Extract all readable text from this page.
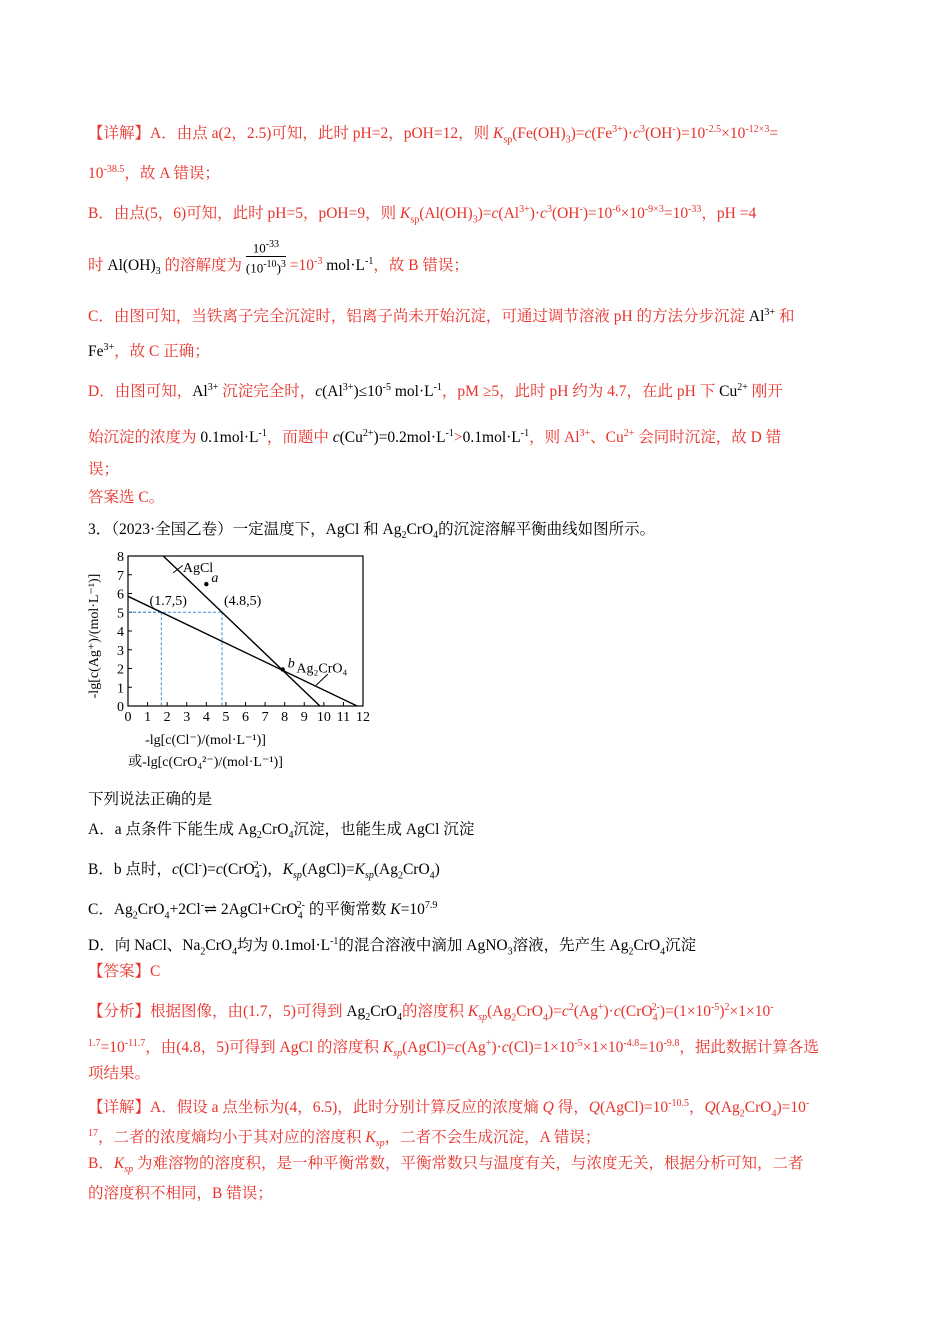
【详解】A．由点 a(2，2.5)可知，此时 pH=2，pOH=12，则 $K_{sp}(Fe(OH)_3)=c(Fe^{3+})\cdot c^3(OH^-)=10^{-2.5}\times 10^{-12\times 3}=$
$10^{-38.5}$，故 A 错误；
B．由点(5，6)可知，此时 pH=5，pOH=9，则 $K_{sp}(Al(OH)_3)=c(Al^{3+})\cdot c^3(OH^-)=10^{-6}\times 10^{-9\times 3}=10^{-33}$，pH =4
时 $Al(OH)_3$ 的溶解度为 $\frac{10^{-33}}{(10^{-10})^3} =10^{-3}$ $mol\cdot L^{-1}$，故 B 错误；
C．由图可知，当铁离子完全沉淀时，铝离子尚未开始沉淀，可通过调节溶液 pH 的方法分步沉淀 $Al^{3+}$ 和
$Fe^{3+}$，故 C 正确；
D．由图可知，$Al^{3+}$ 沉淀完全时，$c(Al^{3+})\le 10^{-5}$ $mol\cdot L^{-1}$，pM ≥5，此时 pH 约为 4.7，在此 pH 下 $Cu^{2+}$ 刚开
始沉淀的浓度为 $0.1mol\cdot L^{-1}$，而题中 $c(Cu^{2+})=0.2mol\cdot L^{-1}>0.1mol\cdot L^{-1}$，则 $Al^{3+}$、$Cu^{2+}$ 会同时沉淀，故 D 错
误；
答案选 C。
3．（2023·全国乙卷）一定温度下，AgCl 和 $Ag_2CrO_4$的沉淀溶解平衡曲线如图所示。
0 1 2 3 4 5 6 7 8 9 10 11 12
0
1
2
3
4
5
6
7
8
AgCl
Ag₂CrO₄
a
b
(1.7,5)	(4.8,5)
-lg[c(Ag⁺)/(mol·L⁻¹)]
-lg[c(Cl⁻)/(mol·L⁻¹)]
或-lg[c(CrO₄²⁻)/(mol·L⁻¹)]
下列说法正确的是
A．a 点条件下能生成 $Ag_2CrO_4$沉淀，也能生成 AgCl 沉淀
B．b 点时，c(Cl-)=c(CrO$_4^{2-}$)，$K_{sp}(AgCl)=K_{sp}(Ag_2CrO_4)$
C．$Ag_2CrO_4+2Cl^-\rightleftharpoons$ 2AgCl+CrO$_4^{2-}$ 的平衡常数 $K=10^{7.9}$
D．向 NaCl、$Na_2CrO_4$均为 $0.1mol\cdot L^{-1}$的混合溶液中滴加 AgNO$_3$溶液，先产生 $Ag_2CrO_4$沉淀
【答案】C
【分析】根据图像，由(1.7，5)可得到 $Ag_2CrO_4$的溶度积 $K_{sp}(Ag_2CrO_4)=c^2(Ag^+)\cdot c(CrO_4^{2-})=(1\times 10^{-5})^2\times 1\times 10^-$
$^{1.7}=10^{-11.7}$，由(4.8，5)可得到 AgCl 的溶度积 $K_{sp}(AgCl)=c(Ag^+)\cdot c(Cl)=1\times 10^{-5}\times 1\times 10^{-4.8}=10^{-9.8}$，据此数据计算各选
项结果。
【详解】A．假设 a 点坐标为(4，6.5)，此时分别计算反应的浓度熵 Q 得，$Q(AgCl)=10^{-10.5}$，$Q(Ag_2CrO_4)=10^-$
$^{17}$，二者的浓度熵均小于其对应的溶度积 $K_{sp}$，二者不会生成沉淀，A 错误；
B．$K_{sp}$ 为难溶物的溶度积，是一种平衡常数，平衡常数只与温度有关，与浓度无关，根据分析可知，二者
的溶度积不相同，B 错误；
